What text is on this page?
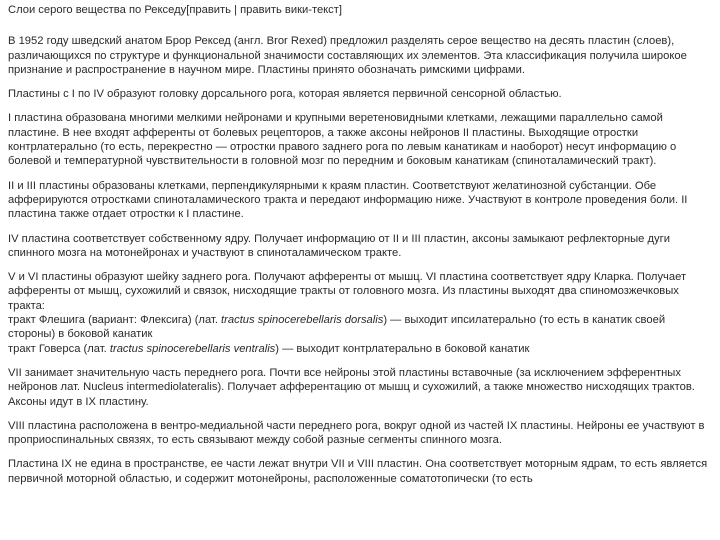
Слои серого вещества по Рекседу[править | править вики-текст]

В 1952 году шведский анатом Брор Рексед (англ. Bror Rexed) предложил разделять серое вещество на десять пластин (слоев), различающихся по структуре и функциональной значимости составляющих их элементов. Эта классификация получила широкое признание и распространение в научном мире. Пластины принято обозначать римскими цифрами.

Пластины с I по IV образуют головку дорсального рога, которая является первичной сенсорной областью.

I пластина образована многими мелкими нейронами и крупными веретеновидными клетками, лежащими параллельно самой пластине. В нее входят афференты от болевых рецепторов, а также аксоны нейронов II пластины. Выходящие отростки контрлатерально (то есть, перекрестно — отростки правого заднего рога по левым канатикам и наоборот) несут информацию о болевой и температурной чувствительности в головной мозг по передним и боковым канатикам (спиноталамический тракт).

II и III пластины образованы клетками, перпендикулярными к краям пластин. Соответствуют желатинозной субстанции. Обе афферируются отростками спиноталамического тракта и передают информацию ниже. Участвуют в контроле проведения боли. II пластина также отдает отростки к I пластине.

IV пластина соответствует собственному ядру. Получает информацию от II и III пластин, аксоны замыкают рефлекторные дуги спинного мозга на мотонейронах и участвуют в спиноталамическом тракте.

V и VI пластины образуют шейку заднего рога. Получают афференты от мышц. VI пластина соответствует ядру Кларка. Получает афференты от мышц, сухожилий и связок, нисходящие тракты от головного мозга. Из пластины выходят два спиномозжечковых тракта:
тракт Флешига (вариант: Флексига) (лат. tractus spinocerebellaris dorsalis) — выходит ипсилатерально (то есть в канатик своей стороны) в боковой канатик
тракт Говерса (лат. tractus spinocerebellaris ventralis) — выходит контрлатерально в боковой канатик

VII занимает значительную часть переднего рога. Почти все нейроны этой пластины вставочные (за исключением эфферентных нейронов лат. Nucleus intermediolateralis). Получает афферентацию от мышц и сухожилий, а также множество нисходящих трактов. Аксоны идут в IX пластину.

VIII пластина расположена в вентро-медиальной части переднего рога, вокруг одной из частей IX пластины. Нейроны ее участвуют в проприоспинальных связях, то есть связывают между собой разные сегменты спинного мозга.

Пластина IX не едина в пространстве, ее части лежат внутри VII и VIII пластин. Она соответствует моторным ядрам, то есть является первичной моторной областью, и содержит мотонейроны, расположенные соматотопически (то есть
